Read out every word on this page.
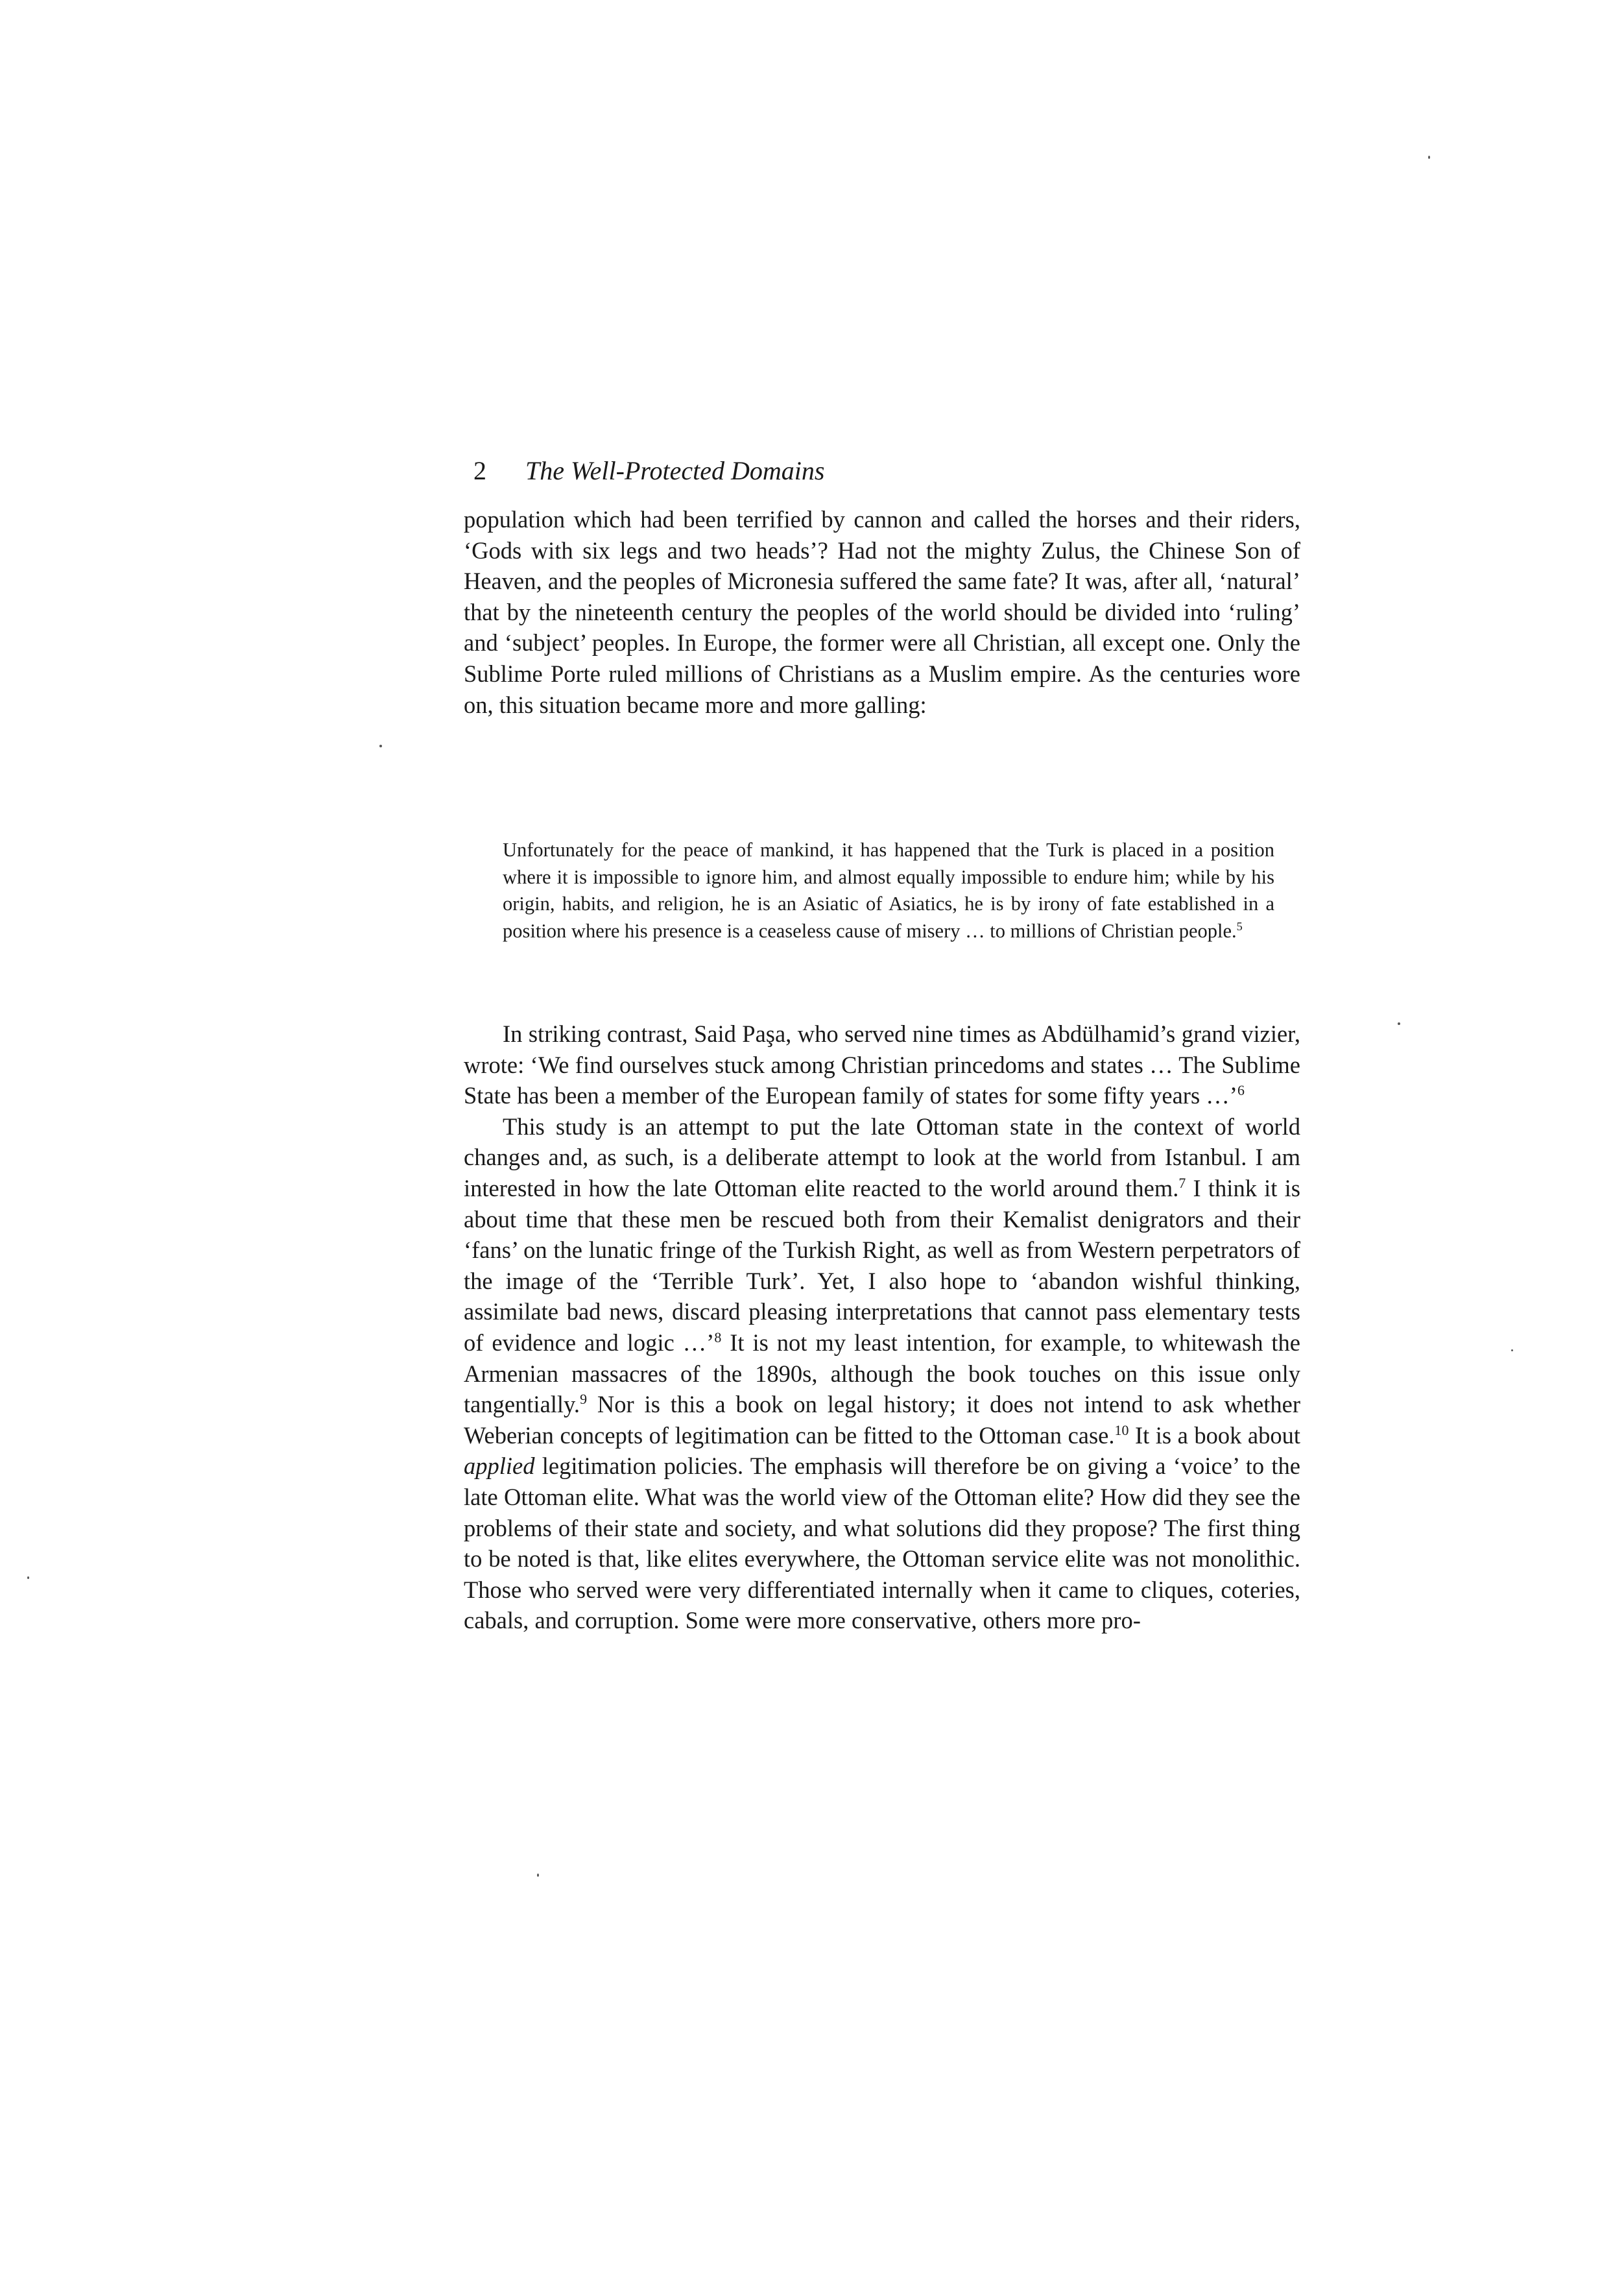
2 The Well-Protected Domains

population which had been terrified by cannon and called the horses and their riders, ‘Gods with six legs and two heads’? Had not the mighty Zulus, the Chinese Son of Heaven, and the peoples of Micronesia suffered the same fate? It was, after all, ‘natural’ that by the nineteenth century the peoples of the world should be divided into ‘ruling’ and ‘subject’ peoples. In Europe, the former were all Christian, all except one. Only the Sublime Porte ruled millions of Christians as a Muslim empire. As the centuries wore on, this situation became more and more galling:

Unfortunately for the peace of mankind, it has happened that the Turk is placed in a position where it is impossible to ignore him, and almost equally impossible to endure him; while by his origin, habits, and religion, he is an Asiatic of Asiatics, he is by irony of fate established in a position where his presence is a ceaseless cause of misery … to millions of Christian people.$^5$

In striking contrast, Said Paşa, who served nine times as Abdülhamid’s grand vizier, wrote: ‘We find ourselves stuck among Christian princedoms and states … The Sublime State has been a member of the European family of states for some fifty years …’$^6$

This study is an attempt to put the late Ottoman state in the context of world changes and, as such, is a deliberate attempt to look at the world from Istanbul. I am interested in how the late Ottoman elite reacted to the world around them.$^7$ I think it is about time that these men be rescued both from their Kemalist denigrators and their ‘fans’ on the lunatic fringe of the Turkish Right, as well as from Western perpetrators of the image of the ‘Terrible Turk’. Yet, I also hope to ‘abandon wishful thinking, assimilate bad news, discard pleasing interpretations that cannot pass elementary tests of evidence and logic …’$^8$ It is not my least intention, for example, to whitewash the Armenian massacres of the 1890s, although the book touches on this issue only tangentially.$^9$ Nor is this a book on legal history; it does not intend to ask whether Weberian concepts of legitimation can be fitted to the Ottoman case.$^{10}$ It is a book about applied legitimation policies. The emphasis will therefore be on giving a ‘voice’ to the late Ottoman elite. What was the world view of the Ottoman elite? How did they see the problems of their state and society, and what solutions did they propose? The first thing to be noted is that, like elites everywhere, the Ottoman service elite was not monolithic. Those who served were very differentiated internally when it came to cliques, coteries, cabals, and corruption. Some were more conservative, others more pro-
